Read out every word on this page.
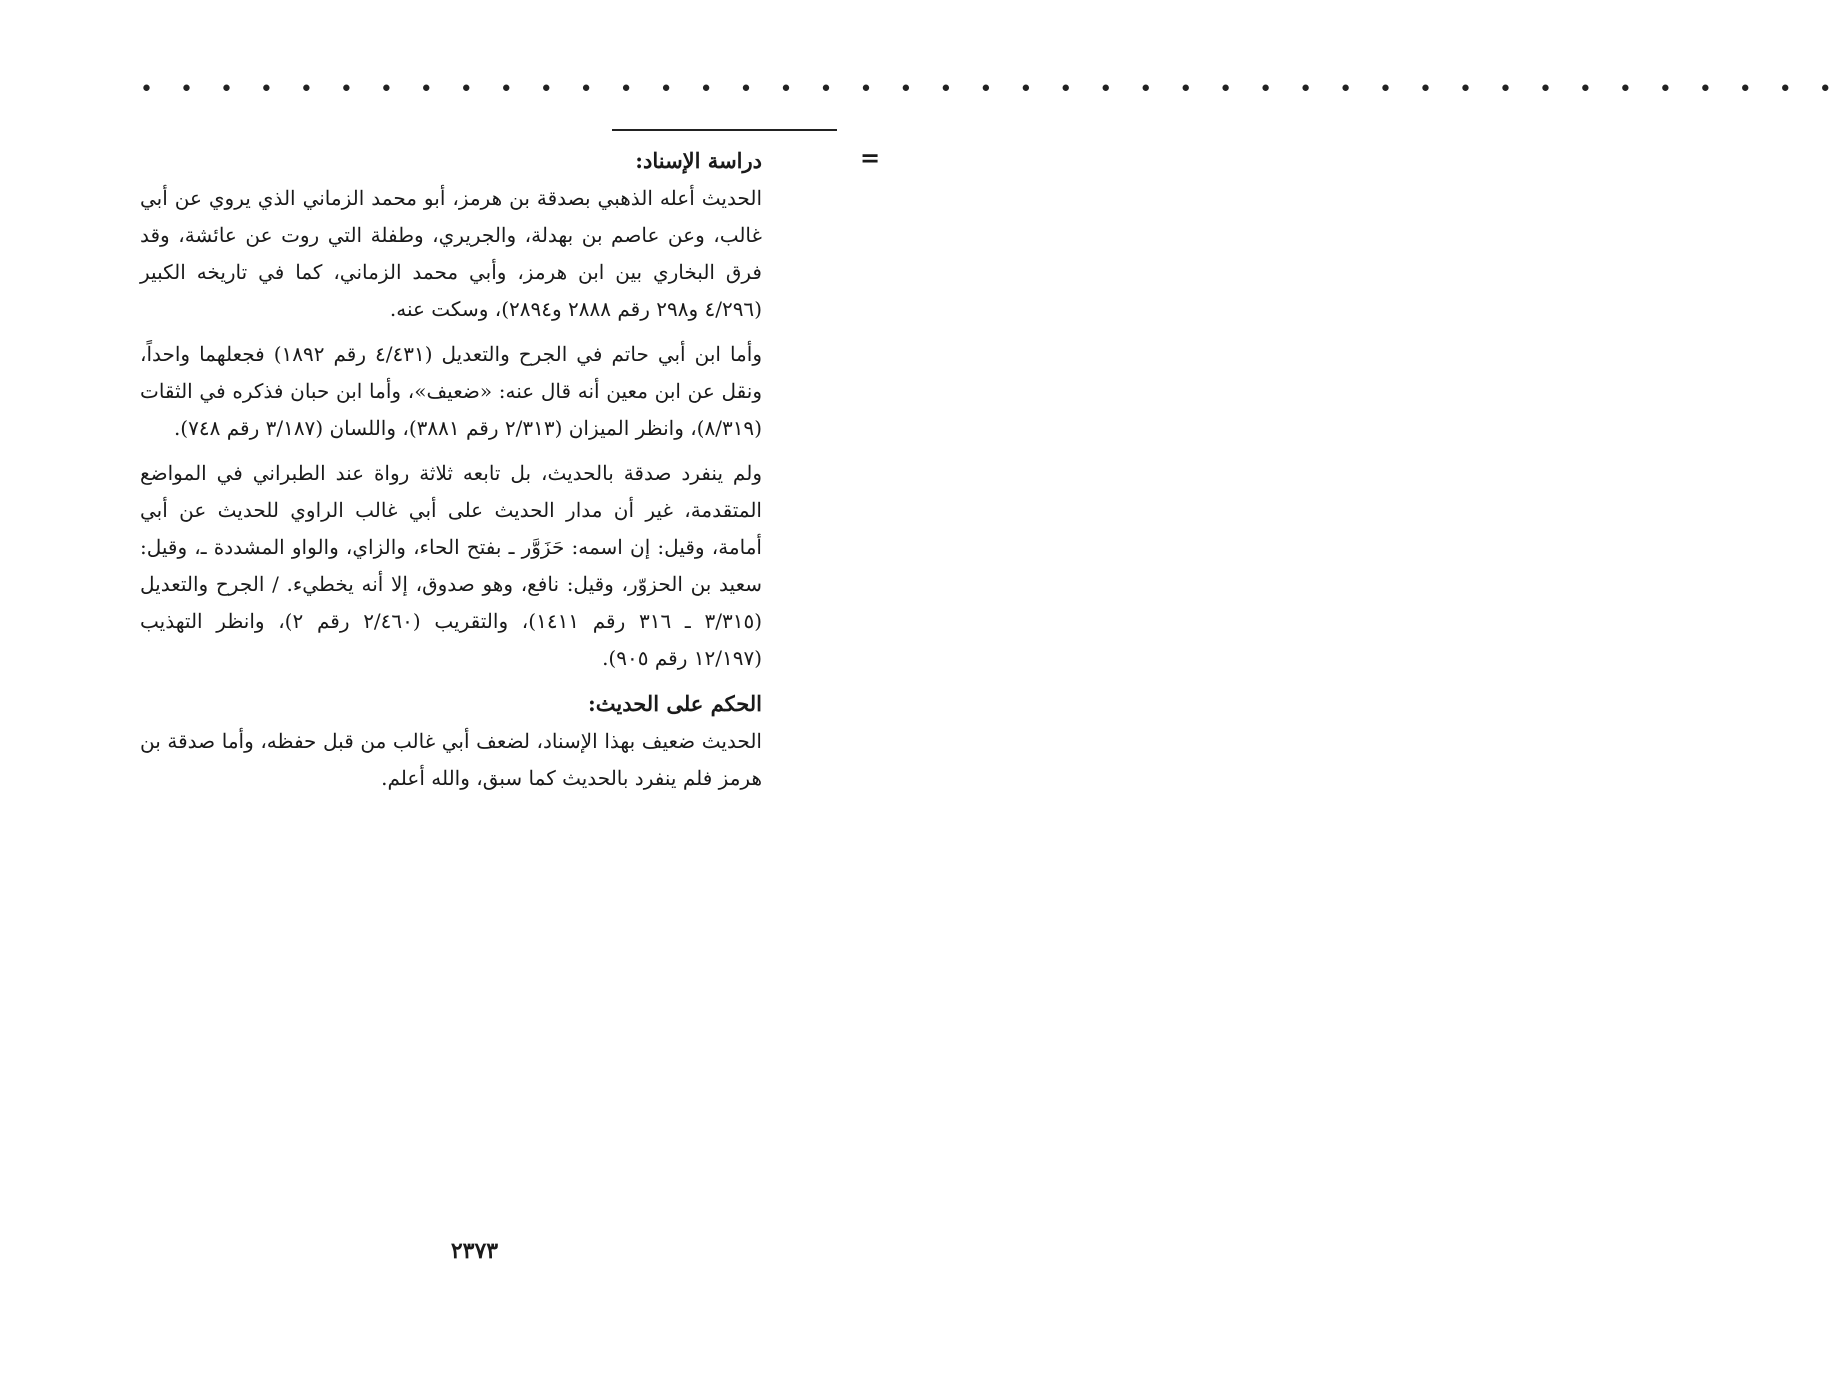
• • • • • • • • • • • • • • • • • • • • • • • • • • • • • • • • • • • • • • • • • • •
=

دراسة الإسناد:

الحديث أعله الذهبي بصدقة بن هرمز، أبو محمد الزماني الذي يروي عن أبي غالب، وعن عاصم بن بهدلة، والجريري، وطفلة التي روت عن عائشة، وقد فرق البخاري بين ابن هرمز، وأبي محمد الزماني، كما في تاريخه الكبير (٤/٢٩٦ و٢٩٨ رقم ٢٨٨٨ و٢٨٩٤)، وسكت عنه.

وأما ابن أبي حاتم في الجرح والتعديل (٤/٤٣١ رقم ١٨٩٢) فجعلهما واحداً، ونقل عن ابن معين أنه قال عنه: «ضعيف»، وأما ابن حبان فذكره في الثقات (٨/٣١٩)، وانظر الميزان (٢/٣١٣ رقم ٣٨٨١)، واللسان (٣/١٨٧ رقم ٧٤٨).

ولم ينفرد صدقة بالحديث، بل تابعه ثلاثة رواة عند الطبراني في المواضع المتقدمة، غير أن مدار الحديث على أبي غالب الراوي للحديث عن أبي أمامة، وقيل: إن اسمه: حَزَوَّر ـ بفتح الحاء، والزاي، والواو المشددة ـ، وقيل: سعيد بن الحزوّر، وقيل: نافع، وهو صدوق، إلا أنه يخطيء. / الجرح والتعديل (٣/٣١٥ ـ ٣١٦ رقم ١٤١١)، والتقريب (٢/٤٦٠ رقم ٢)، وانظر التهذيب (١٢/١٩٧ رقم ٩٠٥).

الحكم على الحديث:

الحديث ضعيف بهذا الإسناد، لضعف أبي غالب من قبل حفظه، وأما صدقة بن هرمز فلم ينفرد بالحديث كما سبق، والله أعلم.

٢٣٧٣
